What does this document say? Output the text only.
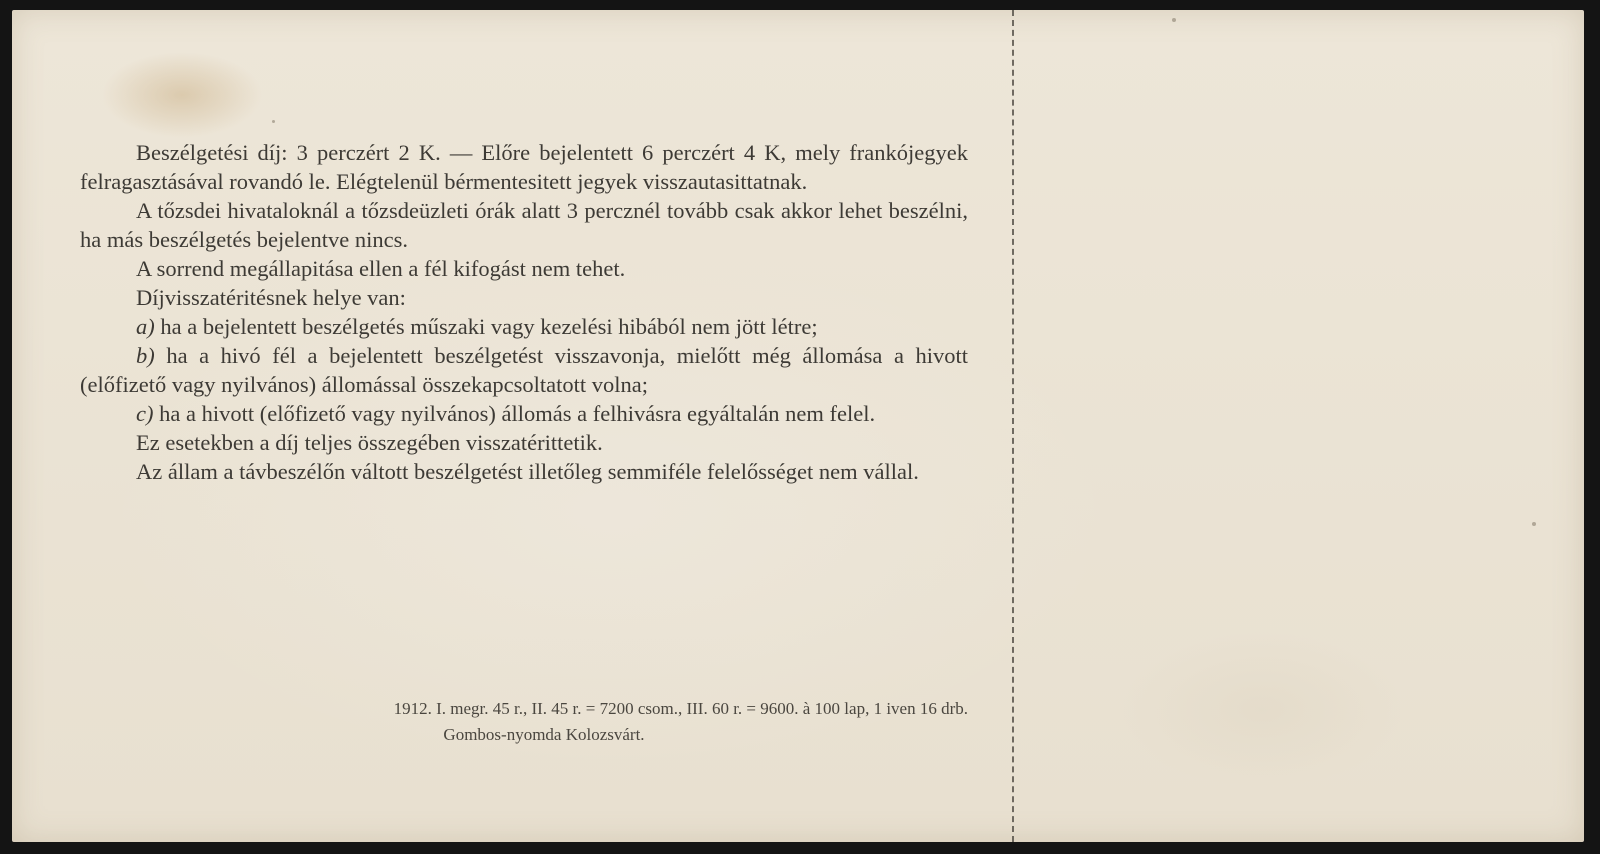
Beszélgetési díj: 3 perczért 2 K. — Előre bejelentett 6 perczért 4 K, mely frankójegyek felragasztásával rovandó le. Elégtelenül bérmentesitett jegyek visszautasittatnak.

A tőzsdei hivataloknál a tőzsdeüzleti órák alatt 3 percznél tovább csak akkor lehet beszélni, ha más beszélgetés bejelentve nincs.

A sorrend megállapitása ellen a fél kifogást nem tehet.

Díjvisszatéritésnek helye van:

a) ha a bejelentett beszélgetés műszaki vagy kezelési hibából nem jött létre;

b) ha a hivó fél a bejelentett beszélgetést visszavonja, mielőtt még állomása a hivott (előfizető vagy nyilvános) állomással összekapcsoltatott volna;

c) ha a hivott (előfizető vagy nyilvános) állomás a felhivásra egyáltalán nem felel.

Ez esetekben a díj teljes összegében visszatérittetik.

Az állam a távbeszélőn váltott beszélgetést illetőleg semmiféle felelősséget nem vállal.

1912. I. megr. 45 r., II. 45 r. = 7200 csom., III. 60 r. = 9600. à 100 lap, 1 iven 16 drb.
Gombos-nyomda Kolozsvárt.
